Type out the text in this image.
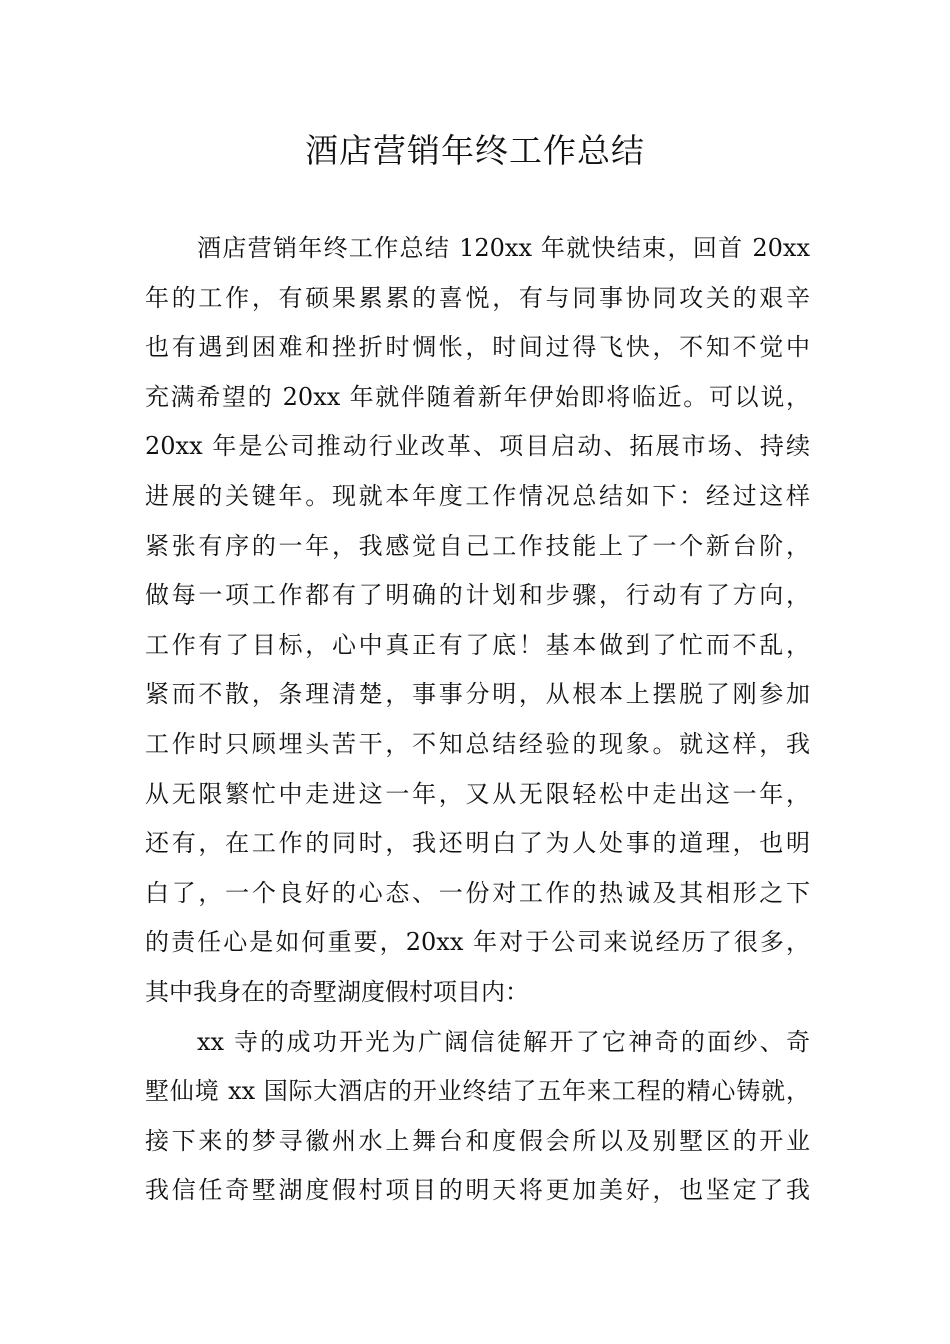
酒店营销年终工作总结
酒店营销年终工作总结 120xx 年就快结束，回首 20xx
年的工作，有硕果累累的喜悦，有与同事协同攻关的艰辛
也有遇到困难和挫折时惆怅，时间过得飞快，不知不觉中
充满希望的 20xx 年就伴随着新年伊始即将临近。可以说，
20xx 年是公司推动行业改革、项目启动、拓展市场、持续
进展的关键年。现就本年度工作情况总结如下：经过这样
紧张有序的一年，我感觉自己工作技能上了一个新台阶，
做每一项工作都有了明确的计划和步骤，行动有了方向，
工作有了目标，心中真正有了底！基本做到了忙而不乱，
紧而不散，条理清楚，事事分明，从根本上摆脱了刚参加
工作时只顾埋头苦干，不知总结经验的现象。就这样，我
从无限繁忙中走进这一年，又从无限轻松中走出这一年，
还有，在工作的同时，我还明白了为人处事的道理，也明
白了，一个良好的心态、一份对工作的热诚及其相形之下
的责任心是如何重要，20xx 年对于公司来说经历了很多，
其中我身在的奇墅湖度假村项目内：
xx 寺的成功开光为广阔信徒解开了它神奇的面纱、奇
墅仙境 xx 国际大酒店的开业终结了五年来工程的精心铸就，
接下来的梦寻徽州水上舞台和度假会所以及别墅区的开业
我信任奇墅湖度假村项目的明天将更加美好，也坚定了我
